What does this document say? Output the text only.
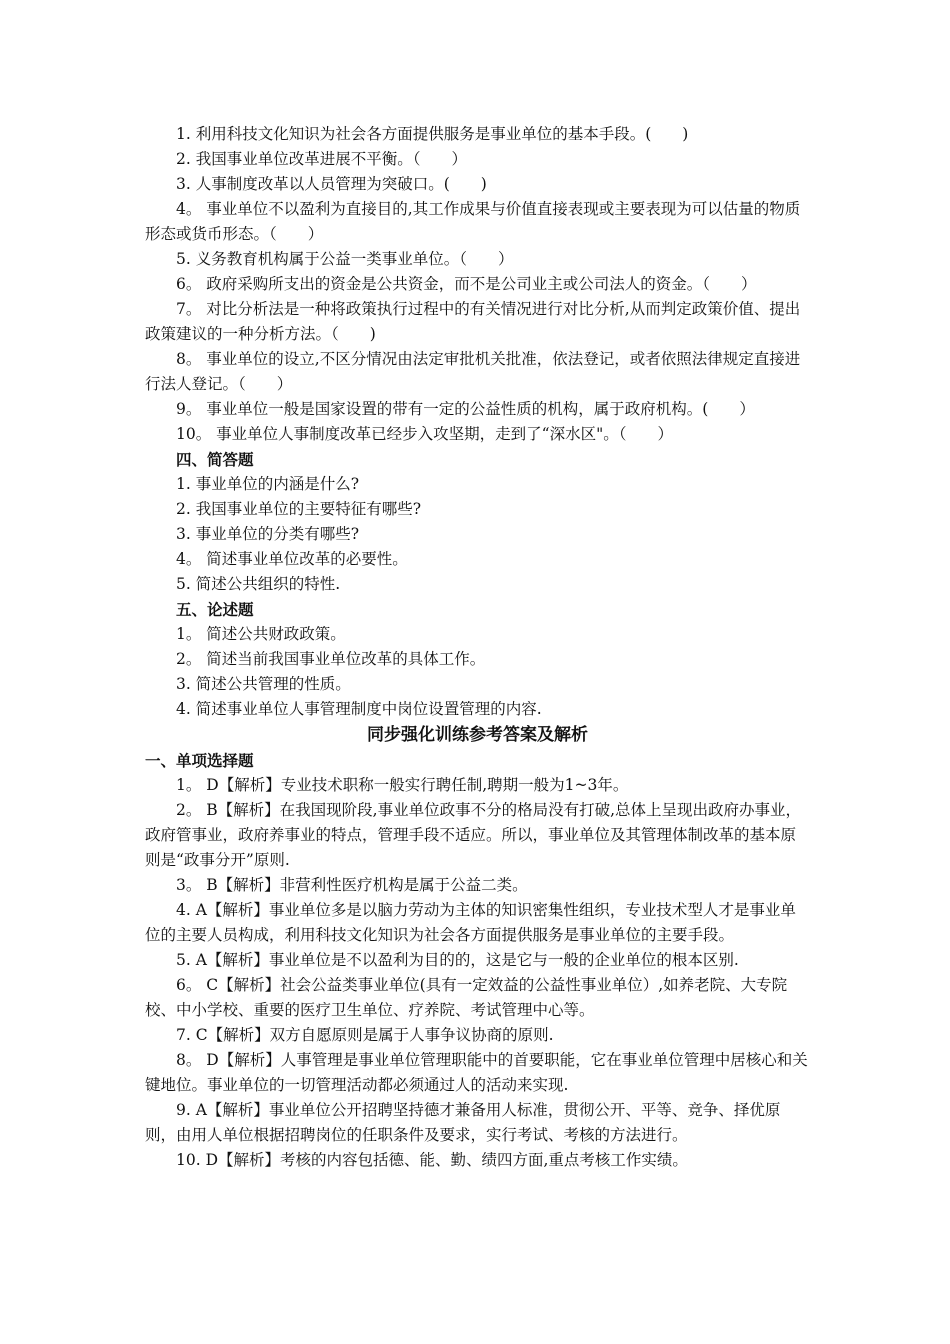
1. 利用科技文化知识为社会各方面提供服务是事业单位的基本手段。(　　)

2. 我国事业单位改革进展不平衡。（　　）

3. 人事制度改革以人员管理为突破口。(　　)

4。 事业单位不以盈利为直接目的,其工作成果与价值直接表现或主要表现为可以估量的物质形态或货币形态。（　　）

5. 义务教育机构属于公益一类事业单位。（　　）

6。 政府采购所支出的资金是公共资金，而不是公司业主或公司法人的资金。（　　）

7。 对比分析法是一种将政策执行过程中的有关情况进行对比分析,从而判定政策价值、提出政策建议的一种分析方法。（　　)

8。 事业单位的设立,不区分情况由法定审批机关批准，依法登记，或者依照法律规定直接进行法人登记。（　　）

9。 事业单位一般是国家设置的带有一定的公益性质的机构，属于政府机构。(　　）

10。 事业单位人事制度改革已经步入攻坚期，走到了“深水区"。（　　）

四、简答题

1. 事业单位的内涵是什么?

2. 我国事业单位的主要特征有哪些?

3. 事业单位的分类有哪些?

4。 简述事业单位改革的必要性。

5. 简述公共组织的特性.

五、论述题

1。 简述公共财政政策。

2。 简述当前我国事业单位改革的具体工作。

3. 简述公共管理的性质。

4. 简述事业单位人事管理制度中岗位设置管理的内容.

同步强化训练参考答案及解析

一、单项选择题

1。 D【解析】专业技术职称一般实行聘任制,聘期一般为1~3年。

2。 B【解析】在我国现阶段,事业单位政事不分的格局没有打破,总体上呈现出政府办事业，政府管事业，政府养事业的特点，管理手段不适应。所以，事业单位及其管理体制改革的基本原则是“政事分开”原则.

3。 B【解析】非营利性医疗机构是属于公益二类。

4. A【解析】事业单位多是以脑力劳动为主体的知识密集性组织，专业技术型人才是事业单位的主要人员构成，利用科技文化知识为社会各方面提供服务是事业单位的主要手段。

5. A【解析】事业单位是不以盈利为目的的，这是它与一般的企业单位的根本区别.

6。 C【解析】社会公益类事业单位(具有一定效益的公益性事业单位）,如养老院、大专院校、中小学校、重要的医疗卫生单位、疗养院、考试管理中心等。

7. C【解析】双方自愿原则是属于人事争议协商的原则.

8。 D【解析】人事管理是事业单位管理职能中的首要职能，它在事业单位管理中居核心和关键地位。事业单位的一切管理活动都必须通过人的活动来实现.

9. A【解析】事业单位公开招聘坚持德才兼备用人标准，贯彻公开、平等、竞争、择优原则，由用人单位根据招聘岗位的任职条件及要求，实行考试、考核的方法进行。

10. D【解析】考核的内容包括德、能、勤、绩四方面,重点考核工作实绩。
